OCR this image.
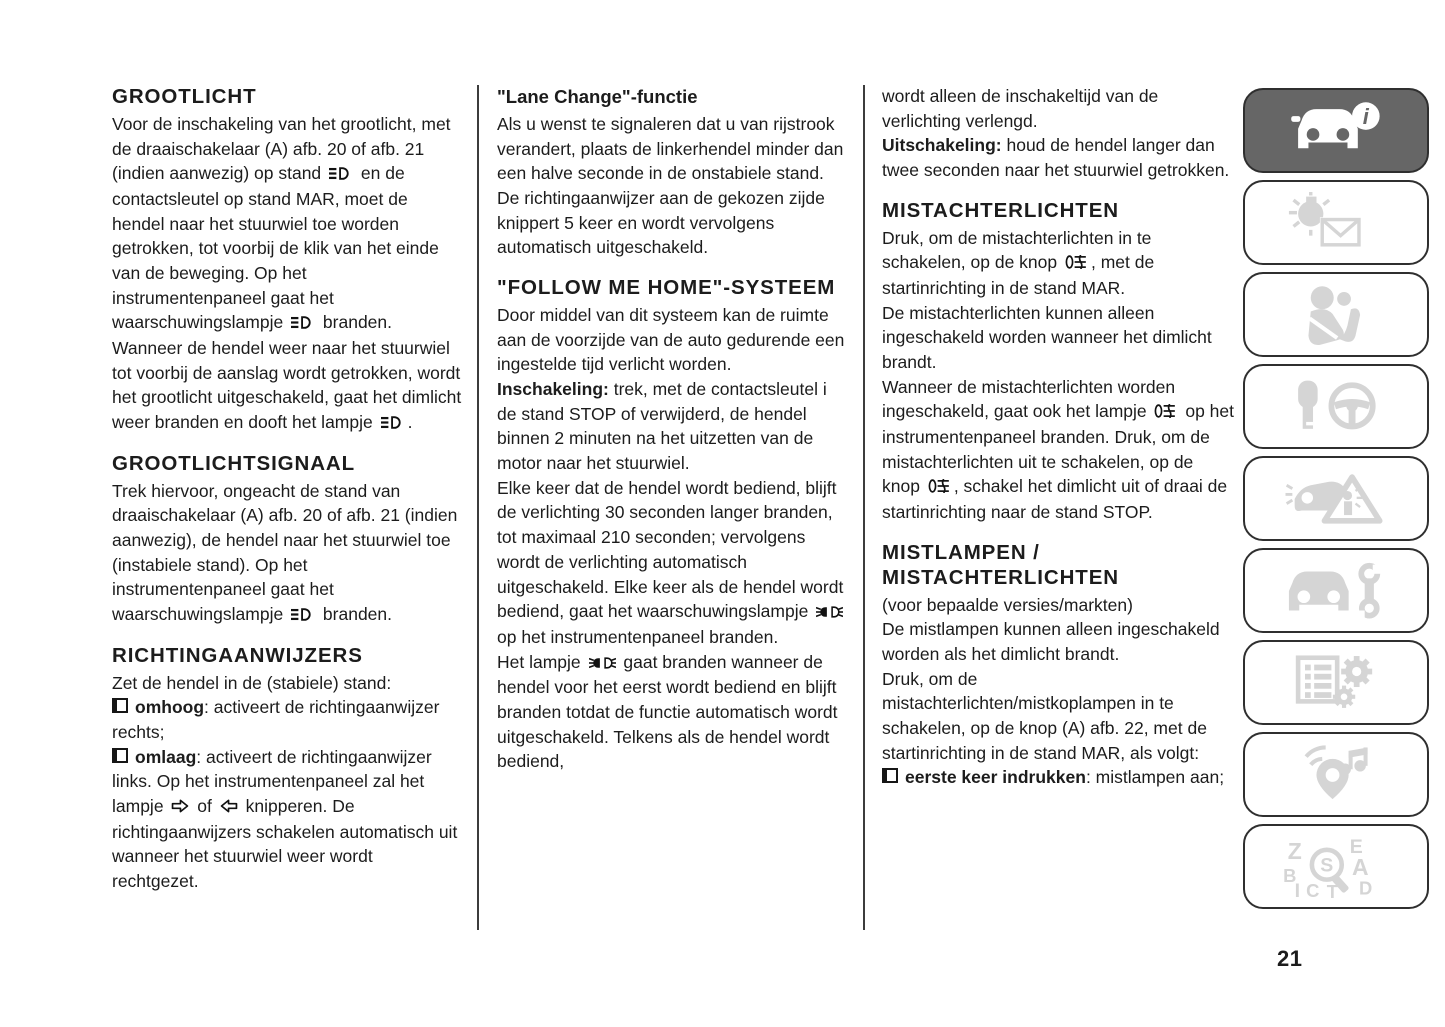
GROOTLICHT

Voor de inschakeling van het grootlicht, met de draaischakelaar (A) afb. 20 of afb. 21 (indien aanwezig) op stand  en de contactsleutel op stand MAR, moet de hendel naar het stuurwiel toe worden getrokken, tot voorbij de klik van het einde van de beweging. Op het instrumentenpaneel gaat het waarschuwingslampje  branden. Wanneer de hendel weer naar het stuurwiel tot voorbij de aanslag wordt getrokken, wordt het grootlicht uitgeschakeld, gaat het dimlicht weer branden en dooft het lampje .

GROOTLICHTSIGNAAL

Trek hiervoor, ongeacht de stand van draaischakelaar (A) afb. 20 of afb. 21 (indien aanwezig), de hendel naar het stuurwiel toe (instabiele stand). Op het instrumentenpaneel gaat het waarschuwingslampje  branden.

RICHTINGAANWIJZERS

Zet de hendel in de (stabiele) stand:

omhoog: activeert de richtingaanwijzer rechts;

omlaag: activeert de richtingaanwijzer links. Op het instrumentenpaneel zal het lampje  of  knipperen. De richtingaanwijzers schakelen automatisch uit wanneer het stuurwiel weer wordt rechtgezet.

"Lane Change"-functie

Als u wenst te signaleren dat u van rijstrook verandert, plaats de linkerhendel minder dan een halve seconde in de onstabiele stand. De richtingaanwijzer aan de gekozen zijde knippert 5 keer en wordt vervolgens automatisch uitgeschakeld.

"FOLLOW ME HOME"-SYSTEEM

Door middel van dit systeem kan de ruimte aan de voorzijde van de auto gedurende een ingestelde tijd verlicht worden.

Inschakeling: trek, met de contactsleutel i de stand STOP of verwijderd, de hendel binnen 2 minuten na het uitzetten van de motor naar het stuurwiel.

Elke keer dat de hendel wordt bediend, blijft de verlichting 30 seconden langer branden, tot maximaal 210 seconden; vervolgens wordt de verlichting automatisch uitgeschakeld. Elke keer als de hendel wordt bediend, gaat het waarschuwingslampje  op het instrumentenpaneel branden.

Het lampje  gaat branden wanneer de hendel voor het eerst wordt bediend en blijft branden totdat de functie automatisch wordt uitgeschakeld. Telkens als de hendel wordt bediend,

wordt alleen de inschakeltijd van de verlichting verlengd.

Uitschakeling: houd de hendel langer dan twee seconden naar het stuurwiel getrokken.

MISTACHTERLICHTEN

Druk, om de mistachterlichten in te schakelen, op de knop , met de startinrichting in de stand MAR.

De mistachterlichten kunnen alleen ingeschakeld worden wanneer het dimlicht brandt.

Wanneer de mistachterlichten worden ingeschakeld, gaat ook het lampje  op het instrumentenpaneel branden. Druk, om de mistachterlichten uit te schakelen, op de knop , schakel het dimlicht uit of draai de startinrichting naar de stand STOP.

MISTLAMPEN / MISTACHTERLICHTEN

(voor bepaalde versies/markten)

De mistlampen kunnen alleen ingeschakeld worden als het dimlicht brandt.

Druk, om de mistachterlichten/mistkoplampen in te schakelen, op de knop (A) afb. 22, met de startinrichting in de stand MAR, als volgt:

eerste keer indrukken: mistlampen aan;

i
Z	E
B	A
I C D
T
S
21
